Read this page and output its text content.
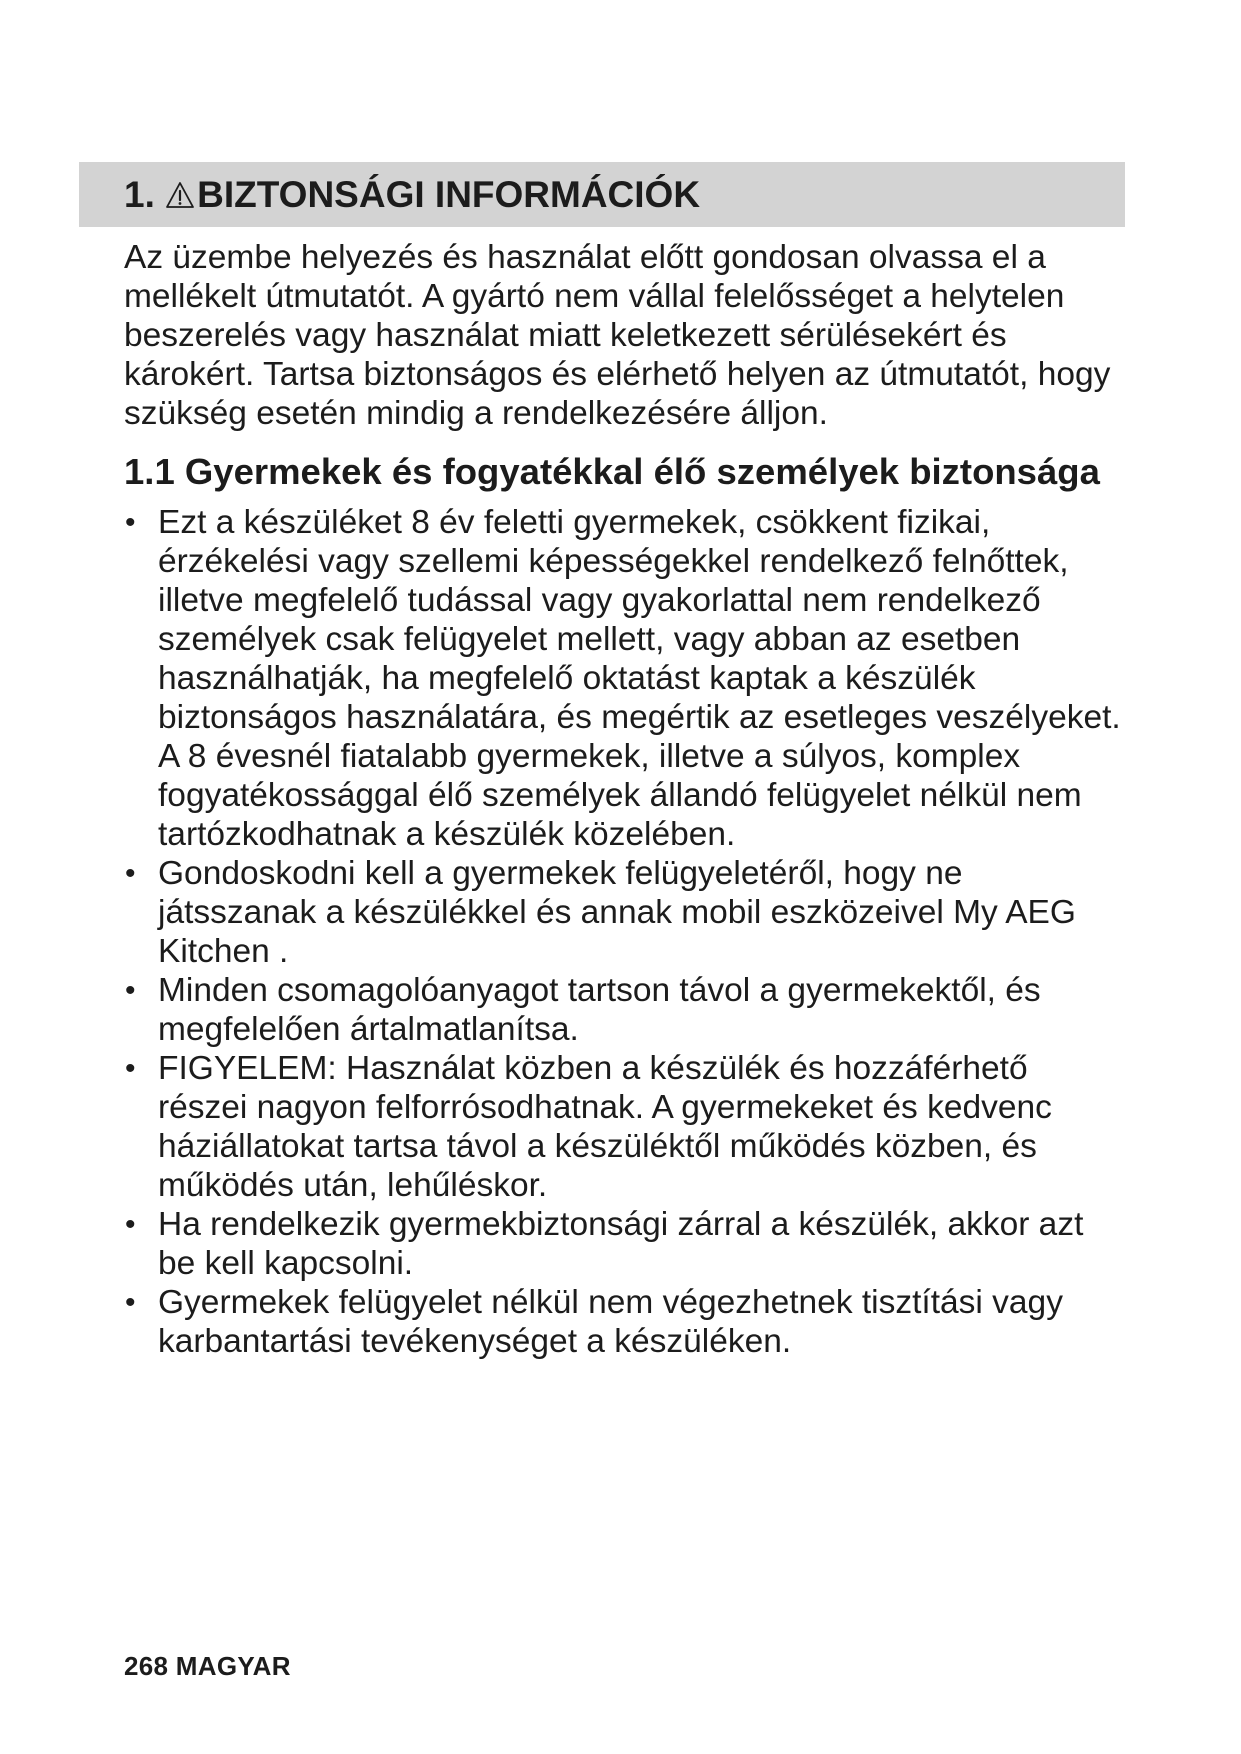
1. BIZTONSÁGI INFORMÁCIÓK

Az üzembe helyezés és használat előtt gondosan olvassa el a mellékelt útmutatót. A gyártó nem vállal felelősséget a helytelen beszerelés vagy használat miatt keletkezett sérülésekért és károkért. Tartsa biztonságos és elérhető helyen az útmutatót, hogy szükség esetén mindig a rendelkezésére álljon.

1.1 Gyermekek és fogyatékkal élő személyek biztonsága
• Ezt a készüléket 8 év feletti gyermekek, csökkent fizikai, érzékelési vagy szellemi képességekkel rendelkező felnőttek, illetve megfelelő tudással vagy gyakorlattal nem rendelkező személyek csak felügyelet mellett, vagy abban az esetben használhatják, ha megfelelő oktatást kaptak a készülék biztonságos használatára, és megértik az esetleges veszélyeket. A 8 évesnél fiatalabb gyermekek, illetve a súlyos, komplex fogyatékossággal élő személyek állandó felügyelet nélkül nem tartózkodhatnak a készülék közelében.
• Gondoskodni kell a gyermekek felügyeletéről, hogy ne játsszanak a készülékkel és annak mobil eszközeivel My AEG Kitchen .
• Minden csomagolóanyagot tartson távol a gyermekektől, és megfelelően ártalmatlanítsa.
• FIGYELEM: Használat közben a készülék és hozzáférhető részei nagyon felforrósodhatnak. A gyermekeket és kedvenc háziállatokat tartsa távol a készüléktől működés közben, és működés után, lehűléskor.
• Ha rendelkezik gyermekbiztonsági zárral a készülék, akkor azt be kell kapcsolni.
• Gyermekek felügyelet nélkül nem végezhetnek tisztítási vagy karbantartási tevékenységet a készüléken.
268 MAGYAR
